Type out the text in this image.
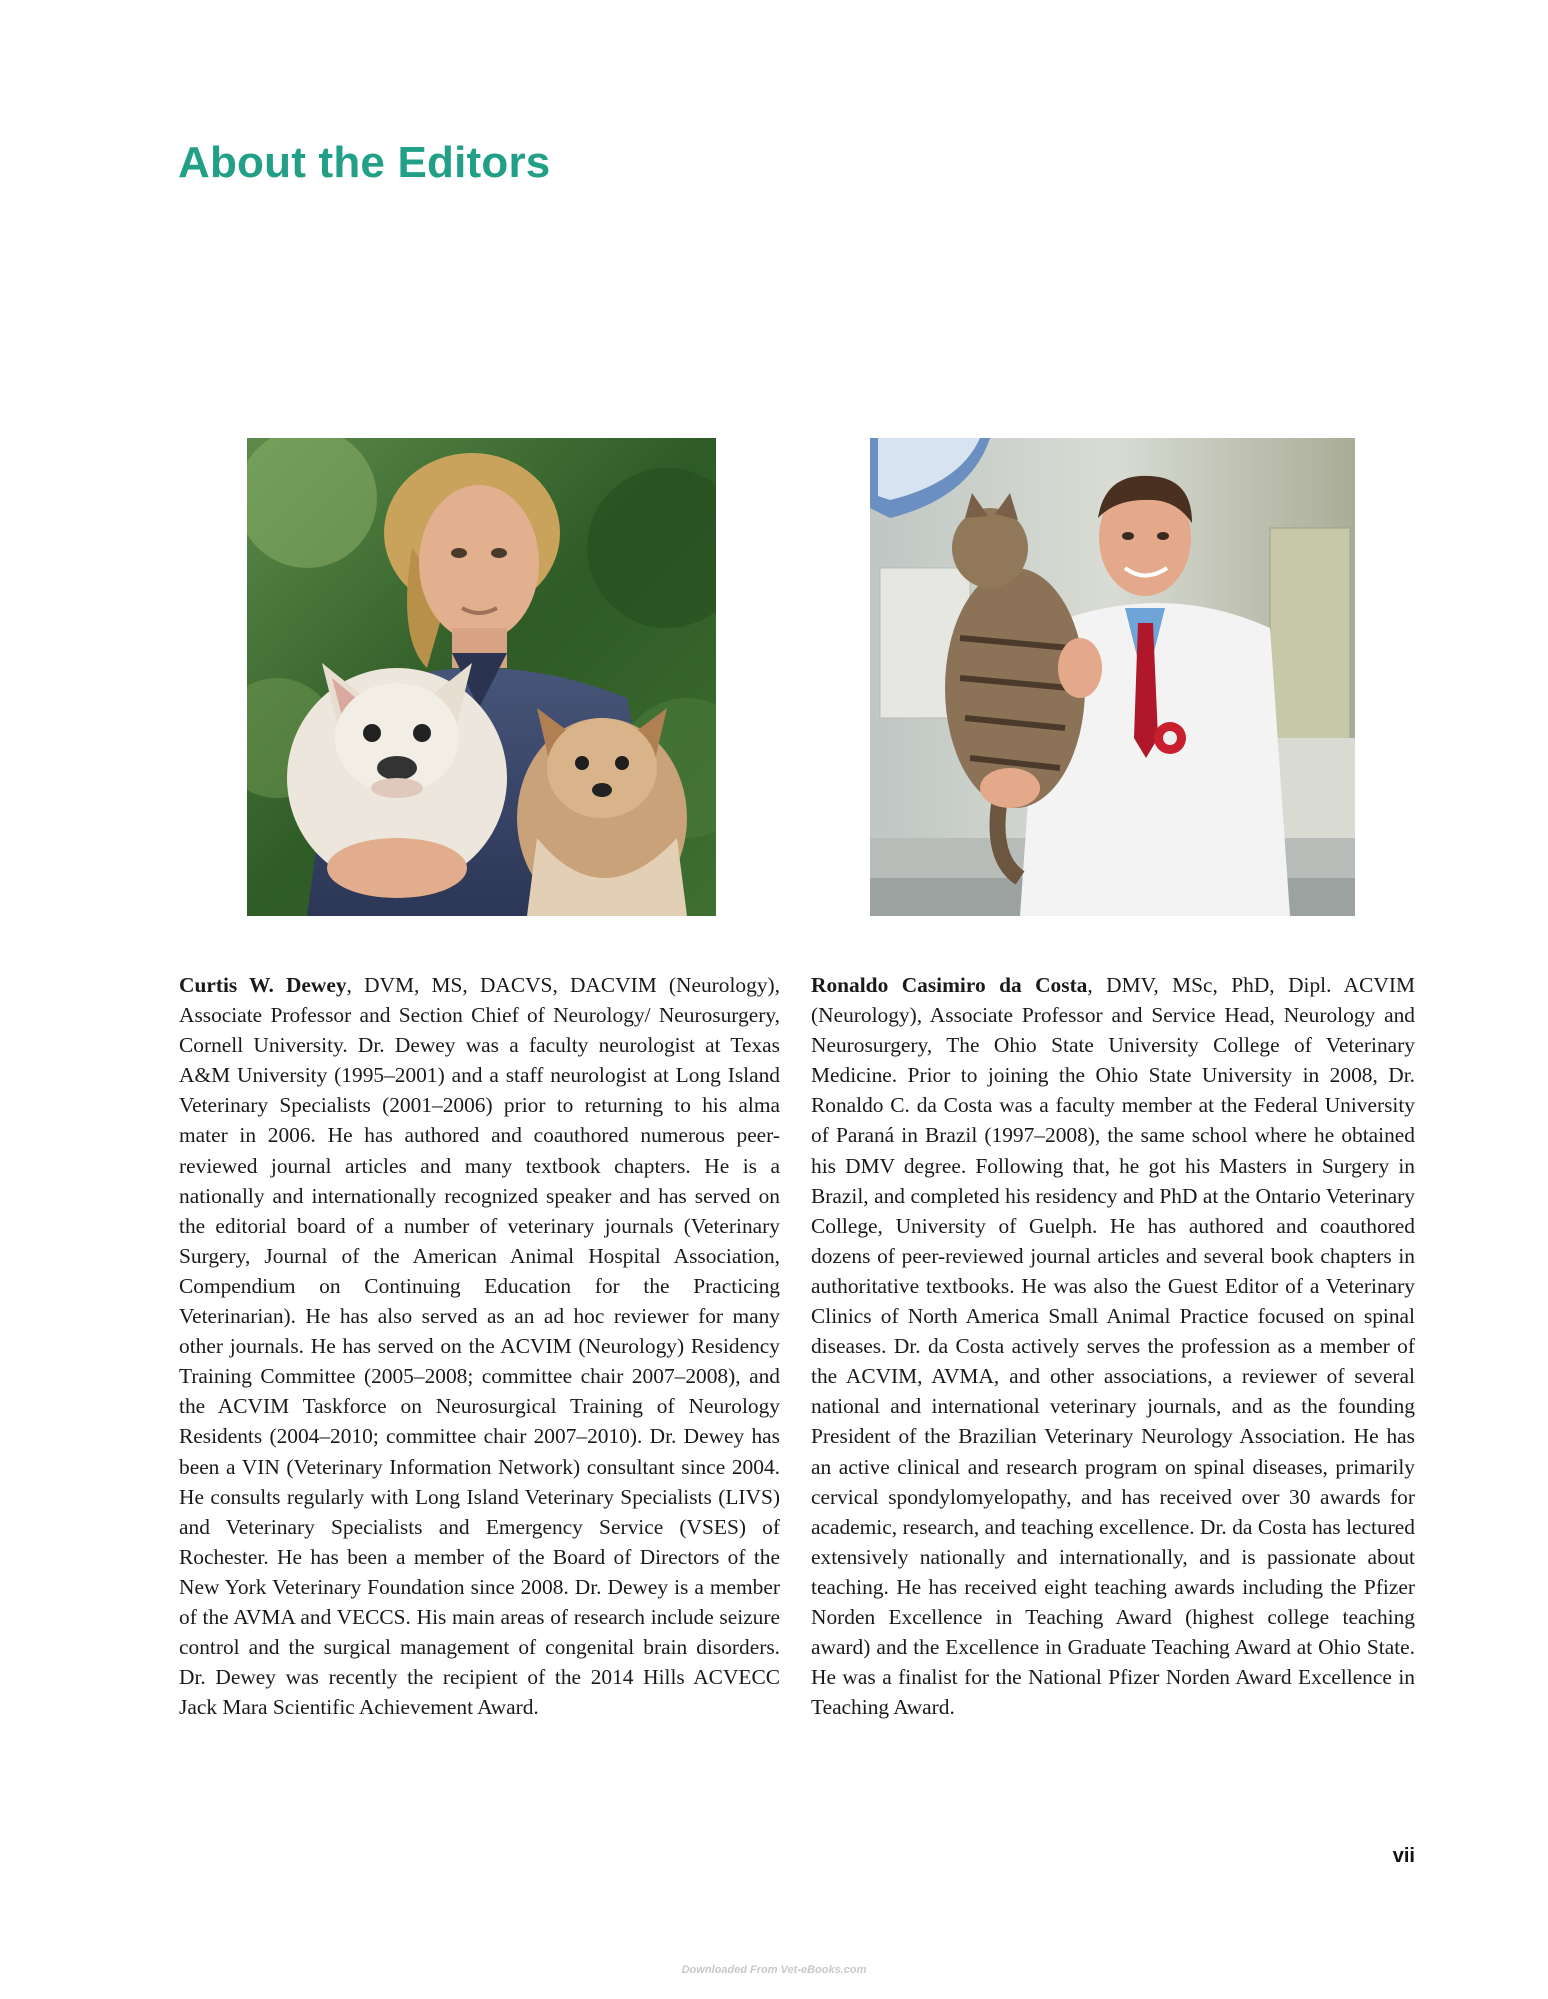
About the Editors

Curtis W. Dewey, DVM, MS, DACVS, DACVIM (Neurology), Associate Professor and Section Chief of Neurology/ Neurosurgery, Cornell University. Dr. Dewey was a faculty neurologist at Texas A&M University (1995–2001) and a staff neurologist at Long Island Veterinary Specialists (2001–2006) prior to returning to his alma mater in 2006. He has authored and coauthored numerous peer-reviewed journal articles and many textbook chapters. He is a nationally and internationally recognized speaker and has served on the editorial board of a number of veterinary journals (Veterinary Surgery, Journal of the American Animal Hospital Association, Compendium on Continuing Education for the Practicing Veterinarian). He has also served as an ad hoc reviewer for many other journals. He has served on the ACVIM (Neurology) Residency Training Committee (2005–2008; committee chair 2007–2008), and the ACVIM Taskforce on Neurosurgical Training of Neurology Residents (2004–2010; committee chair 2007–2010). Dr. Dewey has been a VIN (Veterinary Information Network) consultant since 2004. He consults regularly with Long Island Veterinary Specialists (LIVS) and Veterinary Specialists and Emergency Service (VSES) of Rochester. He has been a member of the Board of Directors of the New York Veterinary Foundation since 2008. Dr. Dewey is a member of the AVMA and VECCS. His main areas of research include seizure control and the surgical management of congenital brain disorders. Dr. Dewey was recently the recipient of the 2014 Hills ACVECC Jack Mara Scientific Achievement Award.

Ronaldo Casimiro da Costa, DMV, MSc, PhD, Dipl. ACVIM (Neurology), Associate Professor and Service Head, Neurology and Neurosurgery, The Ohio State University College of Veterinary Medicine. Prior to joining the Ohio State University in 2008, Dr. Ronaldo C. da Costa was a faculty member at the Federal University of Paraná in Brazil (1997–2008), the same school where he obtained his DMV degree. Following that, he got his Masters in Surgery in Brazil, and completed his residency and PhD at the Ontario Veterinary College, University of Guelph. He has authored and coauthored dozens of peer-reviewed journal articles and several book chapters in authoritative textbooks. He was also the Guest Editor of a Veterinary Clinics of North America Small Animal Practice focused on spinal diseases. Dr. da Costa actively serves the profession as a member of the ACVIM, AVMA, and other associations, a reviewer of several national and international veterinary journals, and as the founding President of the Brazilian Veterinary Neurology Association. He has an active clinical and research program on spinal diseases, primarily cervical spondylomyelopathy, and has received over 30 awards for academic, research, and teaching excellence. Dr. da Costa has lectured extensively nationally and internationally, and is passionate about teaching. He has received eight teaching awards including the Pfizer Norden Excellence in Teaching Award (highest college teaching award) and the Excellence in Graduate Teaching Award at Ohio State. He was a finalist for the National Pfizer Norden Award Excellence in Teaching Award.

vii
Downloaded From Vet-eBooks.com
